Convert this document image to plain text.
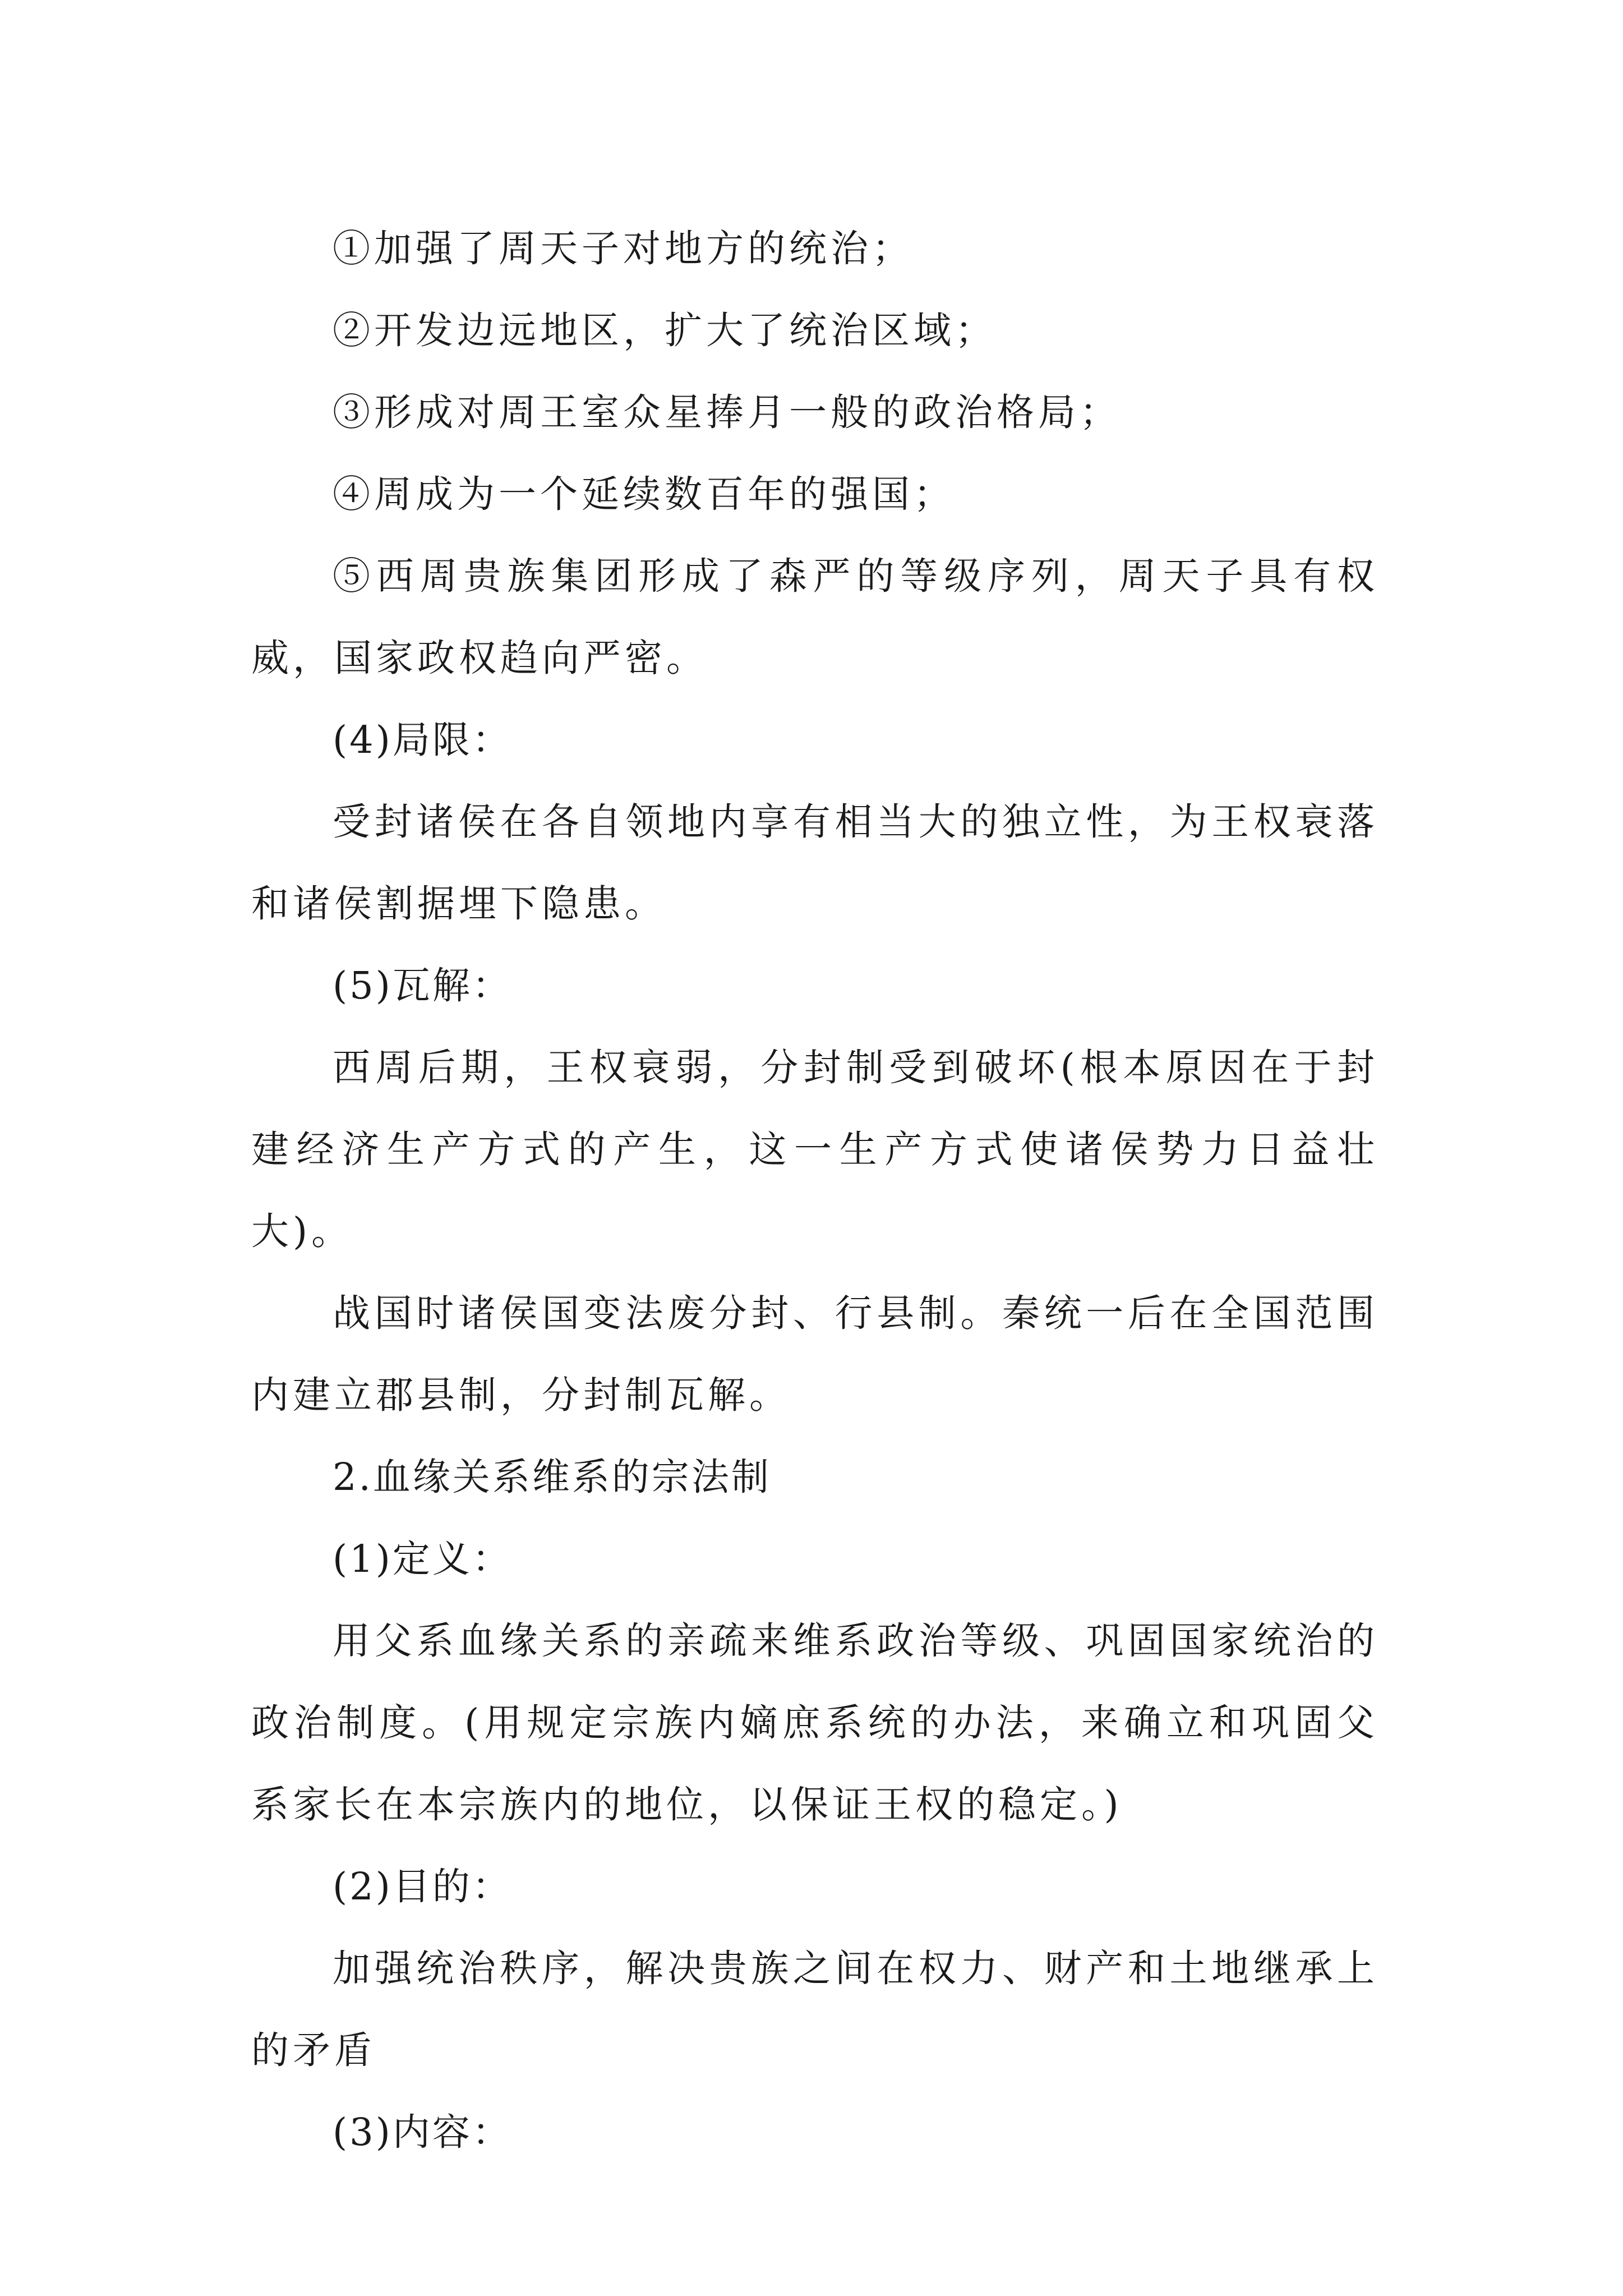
①加强了周天子对地方的统治；

②开发边远地区，扩大了统治区域；

③形成对周王室众星捧月一般的政治格局；

④周成为一个延续数百年的强国；

⑤西周贵族集团形成了森严的等级序列，周天子具有权威，国家政权趋向严密。

(4)局限：

受封诸侯在各自领地内享有相当大的独立性，为王权衰落和诸侯割据埋下隐患。

(5)瓦解：

西周后期，王权衰弱，分封制受到破坏(根本原因在于封建经济生产方式的产生，这一生产方式使诸侯势力日益壮大)。

战国时诸侯国变法废分封、行县制。秦统一后在全国范围内建立郡县制，分封制瓦解。

2.血缘关系维系的宗法制

(1)定义：

用父系血缘关系的亲疏来维系政治等级、巩固国家统治的政治制度。(用规定宗族内嫡庶系统的办法，来确立和巩固父系家长在本宗族内的地位，以保证王权的稳定。)

(2)目的：

加强统治秩序，解决贵族之间在权力、财产和土地继承上的矛盾

(3)内容：
